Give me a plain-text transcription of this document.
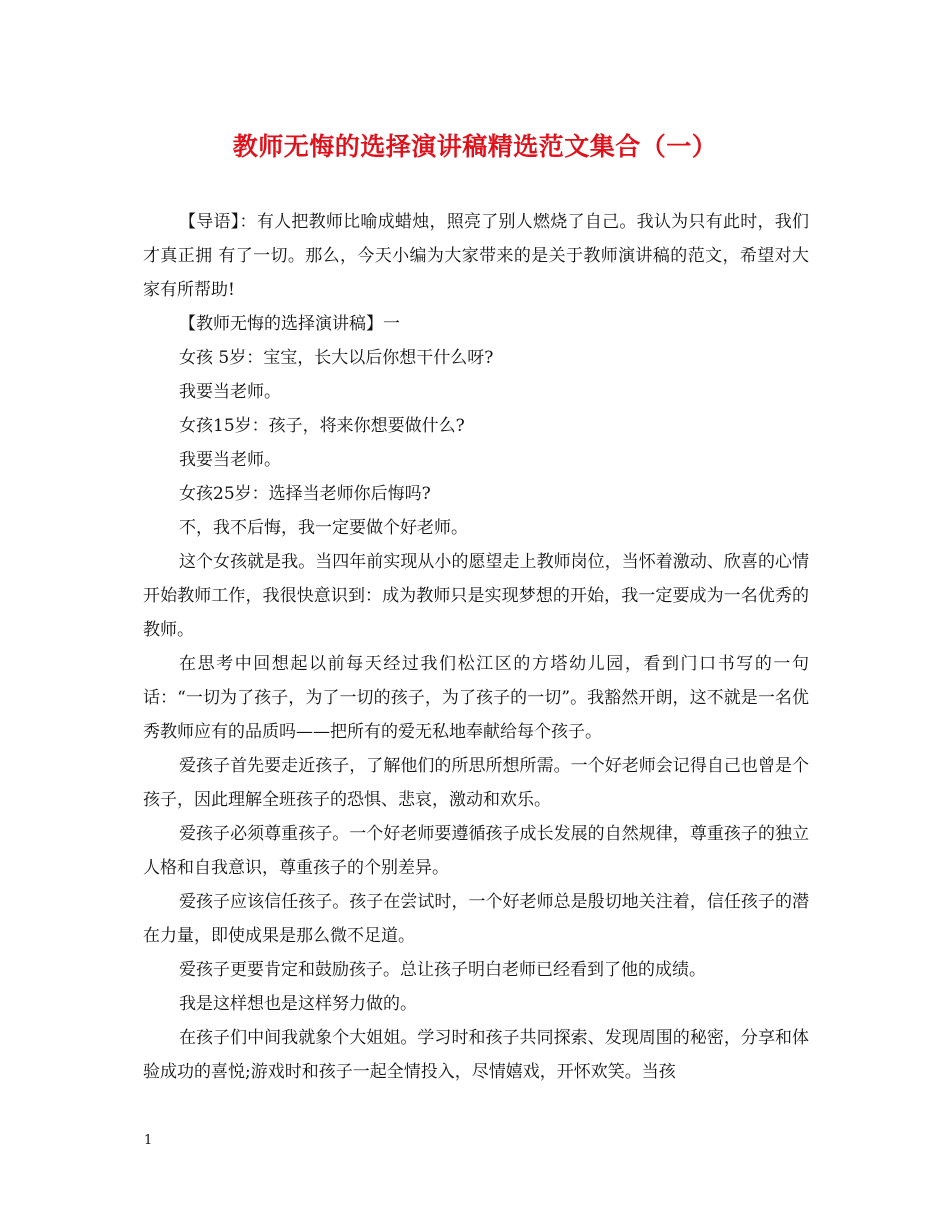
教师无悔的选择演讲稿精选范文集合（一）

【导语】：有人把教师比喻成蜡烛，照亮了别人燃烧了自己。我认为只有此时，我们才真正拥 有了一切。那么，今天小编为大家带来的是关于教师演讲稿的范文，希望对大家有所帮助!

【教师无悔的选择演讲稿】一

女孩 5岁：宝宝，长大以后你想干什么呀?

我要当老师。

女孩15岁：孩子，将来你想要做什么?

我要当老师。

女孩25岁：选择当老师你后悔吗?

不，我不后悔，我一定要做个好老师。

这个女孩就是我。当四年前实现从小的愿望走上教师岗位，当怀着激动、欣喜的心情开始教师工作，我很快意识到：成为教师只是实现梦想的开始，我一定要成为一名优秀的教师。

在思考中回想起以前每天经过我们松江区的方塔幼儿园，看到门口书写的一句话：“一切为了孩子，为了一切的孩子，为了孩子的一切”。我豁然开朗，这不就是一名优秀教师应有的品质吗——把所有的爱无私地奉献给每个孩子。

爱孩子首先要走近孩子，了解他们的所思所想所需。一个好老师会记得自己也曾是个孩子，因此理解全班孩子的恐惧、悲哀，激动和欢乐。

爱孩子必须尊重孩子。一个好老师要遵循孩子成长发展的自然规律，尊重孩子的独立人格和自我意识，尊重孩子的个别差异。

爱孩子应该信任孩子。孩子在尝试时，一个好老师总是殷切地关注着，信任孩子的潜在力量，即使成果是那么微不足道。

爱孩子更要肯定和鼓励孩子。总让孩子明白老师已经看到了他的成绩。

我是这样想也是这样努力做的。

在孩子们中间我就象个大姐姐。学习时和孩子共同探索、发现周围的秘密，分享和体验成功的喜悦;游戏时和孩子一起全情投入，尽情嬉戏，开怀欢笑。当孩

1
